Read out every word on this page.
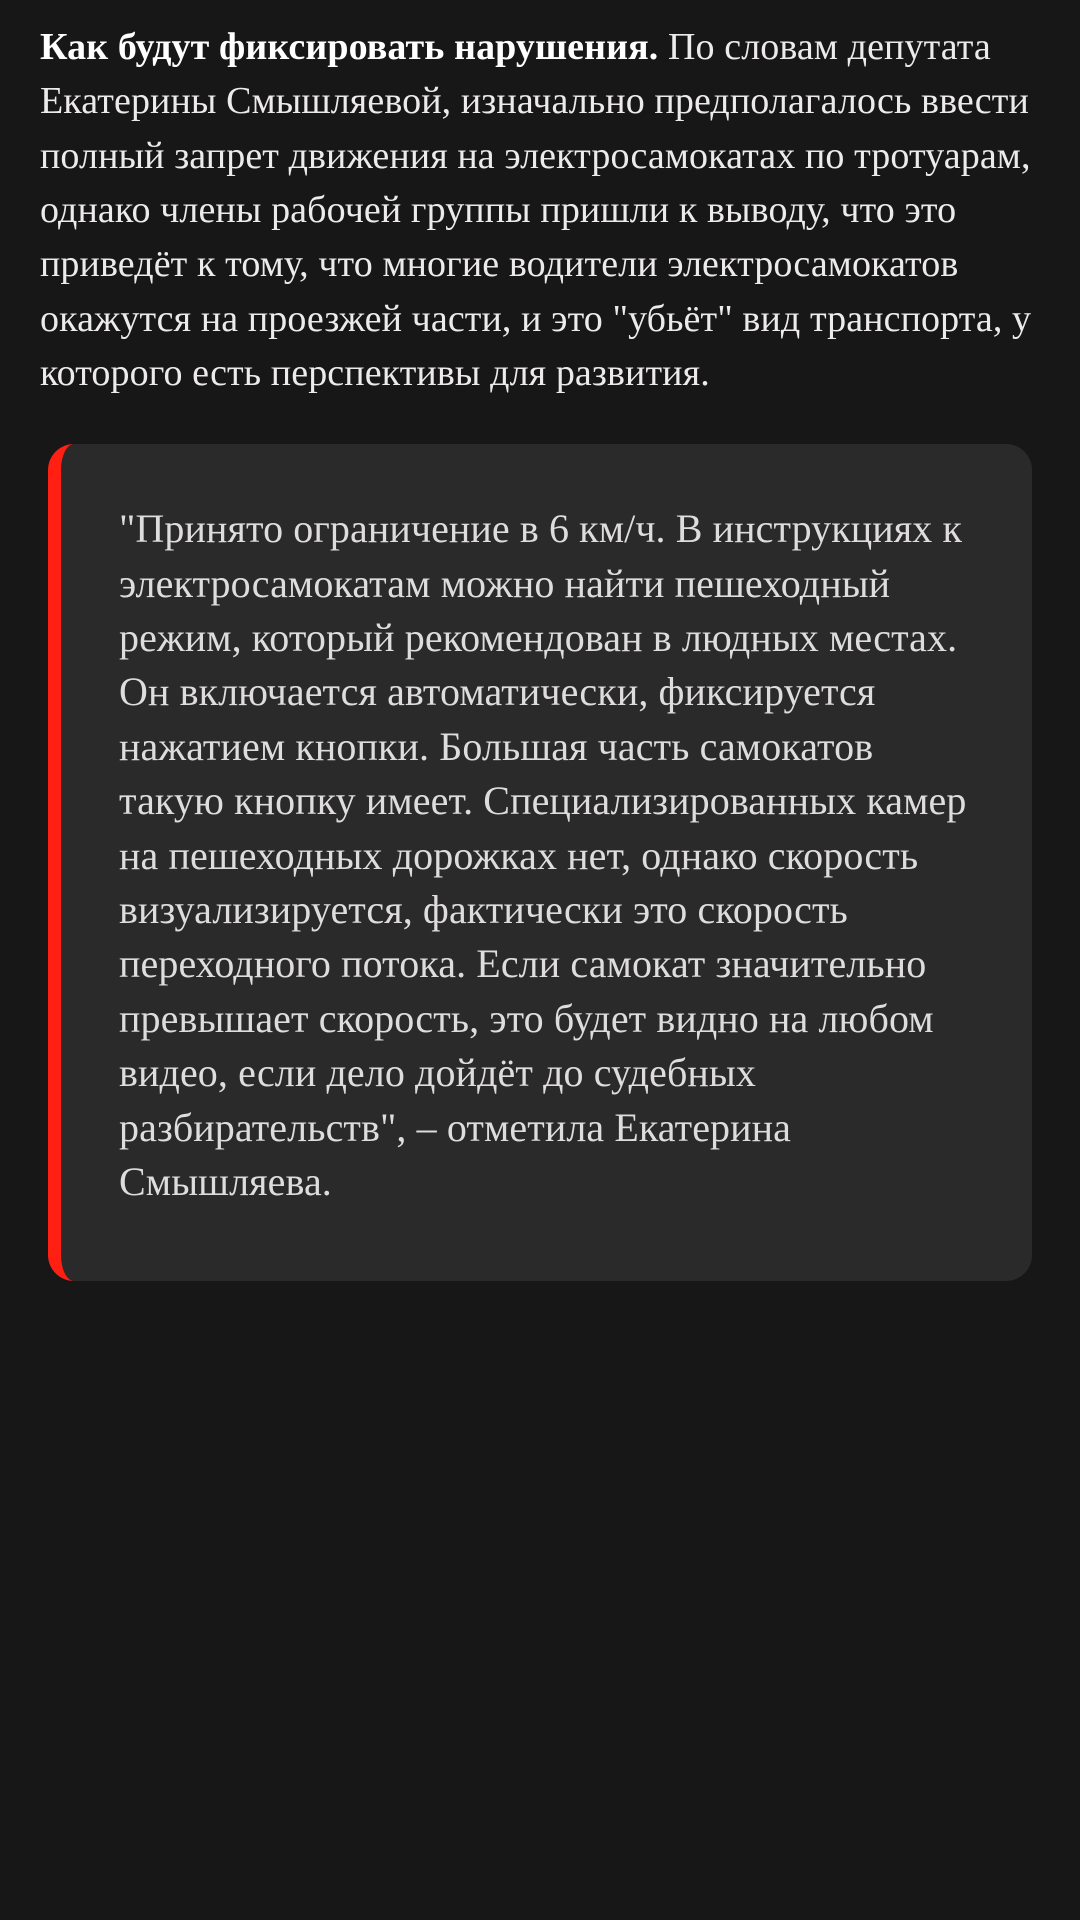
Как будут фиксировать нарушения. По словам депутата Екатерины Смышляевой, изначально предполагалось ввести полный запрет движения на электросамокатах по тротуарам, однако члены рабочей группы пришли к выводу, что это приведёт к тому, что многие водители электросамокатов окажутся на проезжей части, и это "убьёт" вид транспорта, у которого есть перспективы для развития.

"Принято ограничение в 6 км/ч. В инструкциях к электросамокатам можно найти пешеходный режим, который рекомендован в людных местах. Он включается автоматически, фиксируется нажатием кнопки. Большая часть самокатов такую кнопку имеет. Специализированных камер на пешеходных дорожках нет, однако скорость визуализируется, фактически это скорость переходного потока. Если самокат значительно превышает скорость, это будет видно на любом видео, если дело дойдёт до судебных разбирательств", – отметила Екатерина Смышляева.
